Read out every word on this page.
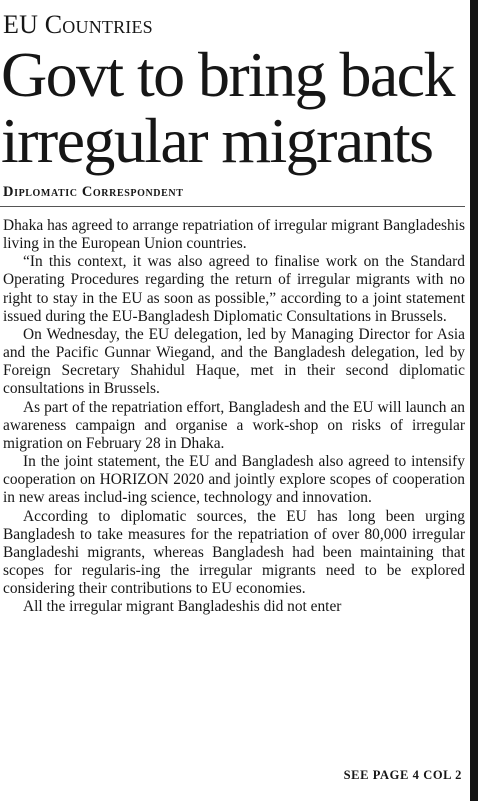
EU Countries
Govt to bring back
irregular migrants
Diplomatic Correspondent

Dhaka has agreed to arrange repatriation of irregular migrant Bangladeshis living in the European Union countries.

“In this context, it was also agreed to finalise work on the Standard Operating Procedures regarding the return of irregular migrants with no right to stay in the EU as soon as possible,” according to a joint statement issued during the EU-Bangladesh Diplomatic Consultations in Brussels.

On Wednesday, the EU delegation, led by Managing Director for Asia and the Pacific Gunnar Wiegand, and the Bangladesh delegation, led by Foreign Secretary Shahidul Haque, met in their second diplomatic consultations in Brussels.

As part of the repatriation effort, Bangladesh and the EU will launch an awareness campaign and organise a work-shop on risks of irregular migration on February 28 in Dhaka.

In the joint statement, the EU and Bangladesh also agreed to intensify cooperation on HORIZON 2020 and jointly explore scopes of cooperation in new areas includ-ing science, technology and innovation.

According to diplomatic sources, the EU has long been urging Bangladesh to take measures for the repatriation of over 80,000 irregular Bangladeshi migrants, whereas Bangladesh had been maintaining that scopes for regularis-ing the irregular migrants need to be explored considering their contributions to EU economies.

All the irregular migrant Bangladeshis did not enter

SEE PAGE 4 COL 2
